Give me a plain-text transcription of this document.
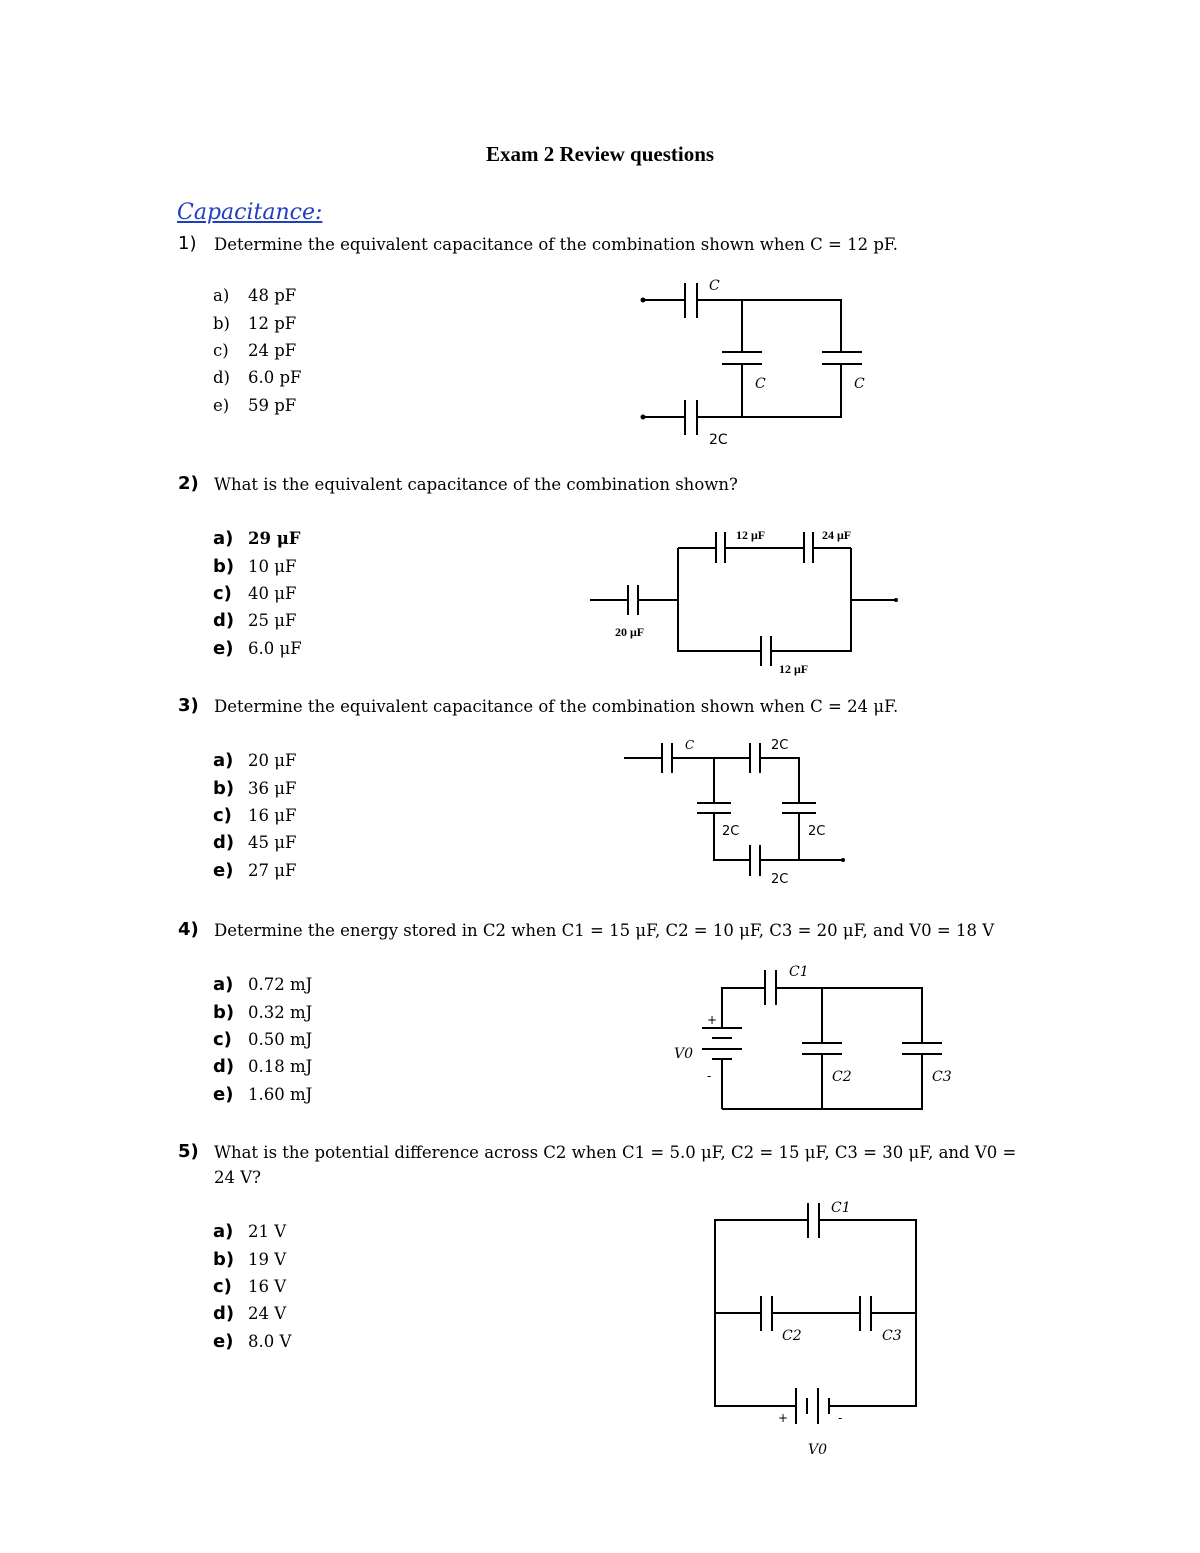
Exam 2 Review questions
Capacitance:
1) Determine the equivalent capacitance of the combination shown when C = 12 pF.
a)	48 pF
b)	12 pF
c)	24 pF
d)	6.0 pF
e)	59 pF
C
C	C
2C
2) What is the equivalent capacitance of the combination shown?
a) 29 μF
b) 10 μF
c) 40 μF
d) 25 μF
e) 6.0 μF
12 μF	24 μF
20 μF
12 μF
3) Determine the equivalent capacitance of the combination shown when C = 24 μF.
a) 20 μF
b) 36 μF
c) 16 μF
d) 45 μF
e) 27 μF
C	2C
2C	2C
2C
4) Determine the energy stored in C2 when C1 = 15 μF, C2 = 10 μF, C3 = 20 μF, and V0 = 18 V
a) 0.72 mJ
b) 0.32 mJ
c) 0.50 mJ
d) 0.18 mJ
e) 1.60 mJ
C1
C2	C3
V0
+
-
5) What is the potential difference across C2 when C1 = 5.0 μF, C2 = 15 μF, C3 = 30 μF, and V0 = 24 V?
a) 21 V
b) 19 V
c) 16 V
d) 24 V
e) 8.0 V
C1
C2	C3
V0
+	-
